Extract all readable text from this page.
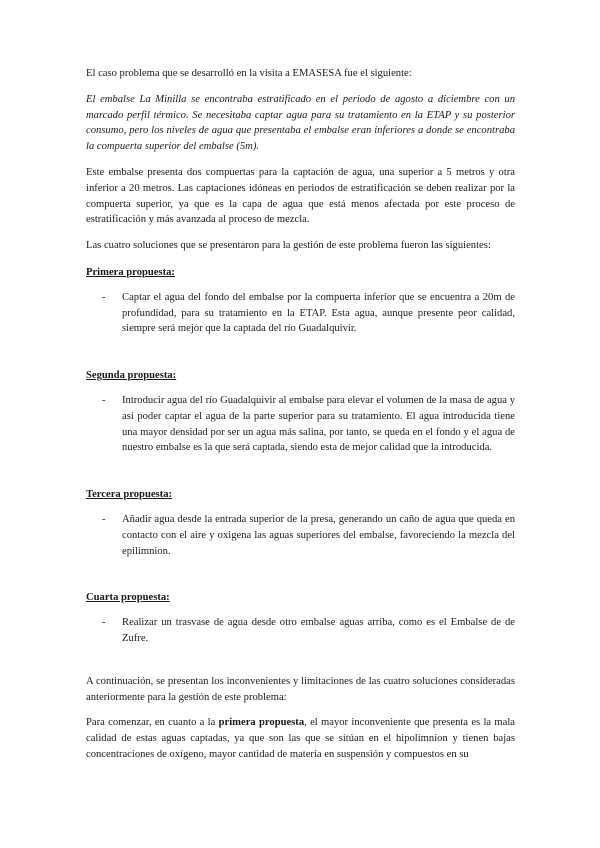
El caso problema que se desarrolló en la visita a EMASESA fue el siguiente:

El embalse La Minilla se encontraba estratificado en el periodo de agosto a diciembre con un marcado perfil térmico. Se necesitaba captar agua para su tratamiento en la ETAP y su posterior consumo, pero los niveles de agua que presentaba el embalse eran inferiores a donde se encontraba la compuerta superior del embalse (5m).

Este embalse presenta dos compuertas para la captación de agua, una superior a 5 metros y otra inferior a 20 metros. Las captaciones idóneas en periodos de estratificación se deben realizar por la compuerta superior, ya que es la capa de agua que está menos afectada por este proceso de estratificación y más avanzada al proceso de mezcla.

Las cuatro soluciones que se presentaron para la gestión de este problema fueron las siguientes:

Primera propuesta:
- Captar el agua del fondo del embalse por la compuerta inferior que se encuentra a 20m de profundidad, para su tratamiento en la ETAP. Esta agua, aunque presente peor calidad, siempre será mejor que la captada del río Guadalquivir.

Segunda propuesta:
- Introducir agua del río Guadalquivir al embalse para elevar el volumen de la masa de agua y así poder captar el agua de la parte superior para su tratamiento. El agua introducida tiene una mayor densidad por ser un agua más salina, por tanto, se queda en el fondo y el agua de nuestro embalse es la que será captada, siendo esta de mejor calidad que la introducida.

Tercera propuesta:
- Añadir agua desde la entrada superior de la presa, generando un caño de agua que queda en contacto con el aire y oxigena las aguas superiores del embalse, favoreciendo la mezcla del epilimnion.

Cuarta propuesta:
- Realizar un trasvase de agua desde otro embalse aguas arriba, como es el Embalse de de Zufre.

A continuación, se presentan los inconvenientes y limitaciones de las cuatro soluciones consideradas anteriormente para la gestión de este problema:

Para comenzar, en cuanto a la primera propuesta, el mayor inconveniente que presenta es la mala calidad de estas aguas captadas, ya que son las que se sitúan en el hipolimnion y tienen bajas concentraciones de oxígeno, mayor cantidad de materia en suspensión y compuestos en su
